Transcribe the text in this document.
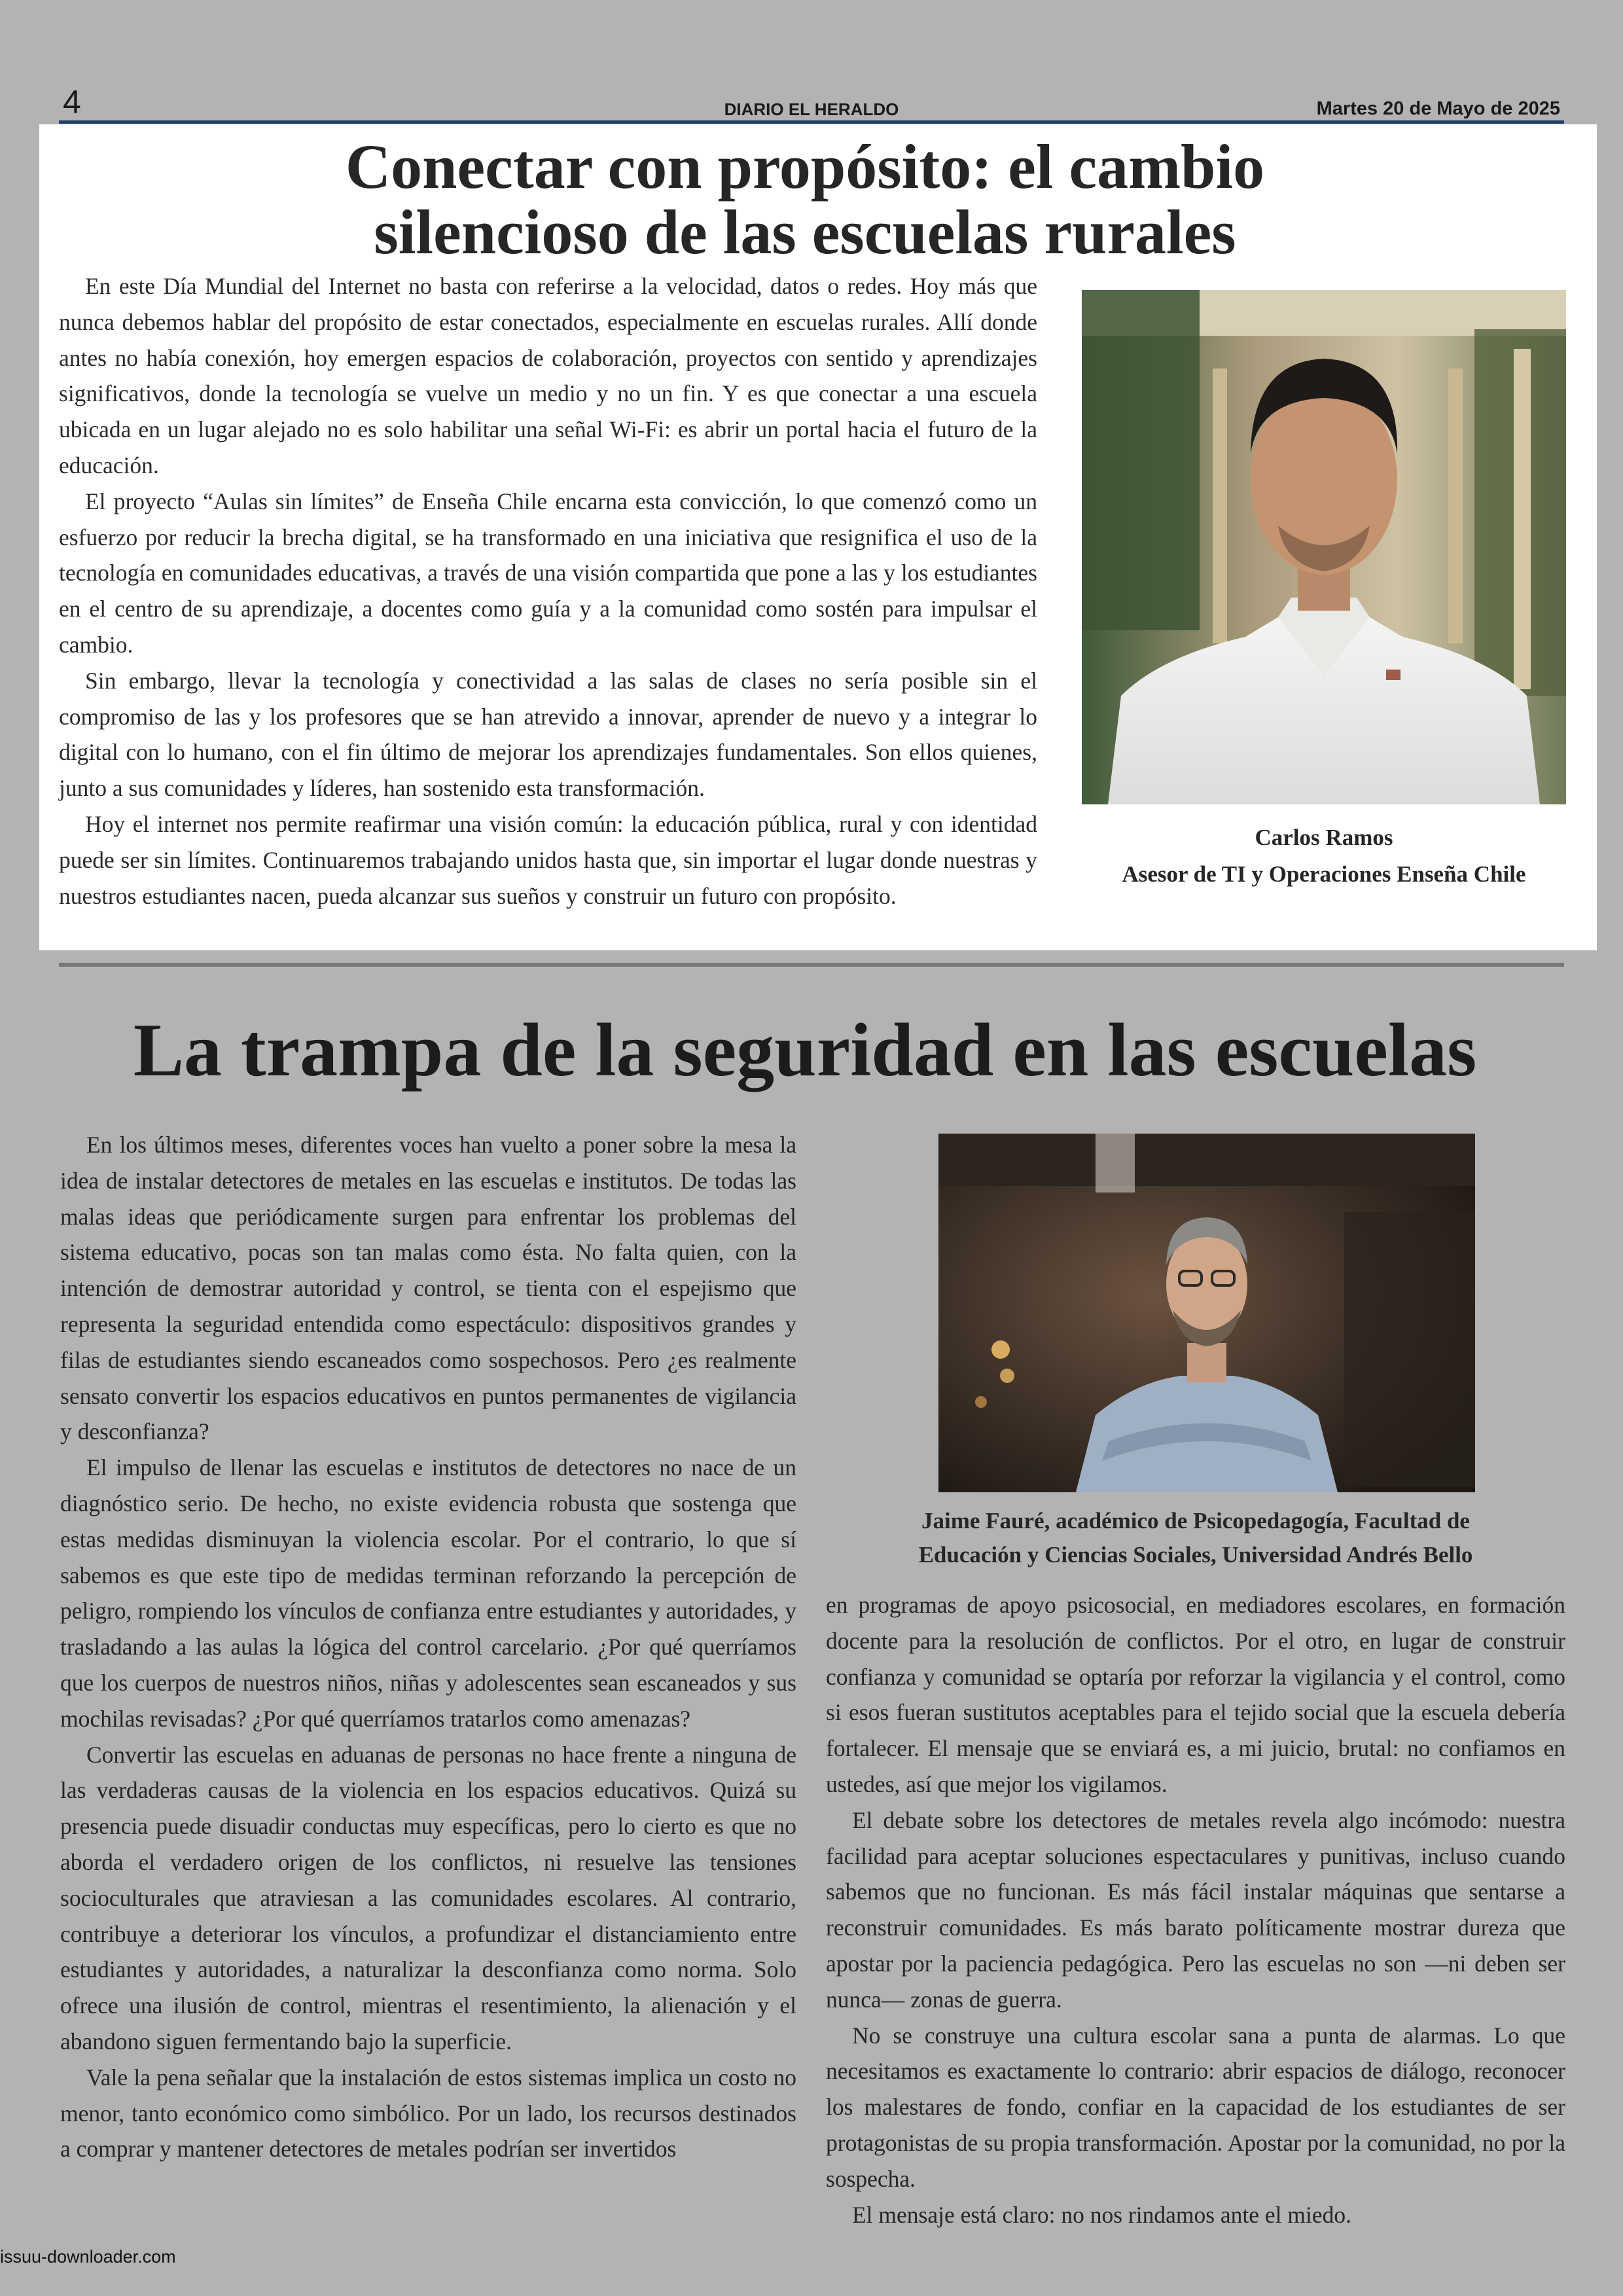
4	DIARIO EL HERALDO	Martes 20 de Mayo de 2025
Conectar con propósito: el cambio
silencioso de las escuelas rurales

En este Día Mundial del Internet no basta con referirse a la velocidad, datos o redes. Hoy más que nunca debemos hablar del propósito de estar conectados, especialmente en escuelas rurales. Allí donde antes no había conexión, hoy emergen espacios de colaboración, proyectos con sentido y aprendizajes significativos, donde la tecnología se vuelve un medio y no un fin. Y es que conectar a una escuela ubicada en un lugar alejado no es solo habilitar una señal Wi-Fi: es abrir un portal hacia el futuro de la educación.

El proyecto “Aulas sin límites” de Enseña Chile encarna esta convicción, lo que comenzó como un esfuerzo por reducir la brecha digital, se ha transformado en una iniciativa que resignifica el uso de la tecnología en comunidades educativas, a través de una visión compartida que pone a las y los estudiantes en el centro de su aprendizaje, a docentes como guía y a la comunidad como sostén para impulsar el cambio.

Sin embargo, llevar la tecnología y conectividad a las salas de clases no sería posible sin el compromiso de las y los profesores que se han atrevido a innovar, aprender de nuevo y a integrar lo digital con lo humano, con el fin último de mejorar los aprendizajes fundamentales. Son ellos quienes, junto a sus comunidades y líderes, han sostenido esta transformación.

Hoy el internet nos permite reafirmar una visión común: la educación pública, rural y con identidad puede ser sin límites. Continuaremos trabajando unidos hasta que, sin importar el lugar donde nuestras y nuestros estudiantes nacen, pueda alcanzar sus sueños y construir un futuro con propósito.

Carlos Ramos
Asesor de TI y Operaciones Enseña Chile
La trampa de la seguridad en las escuelas

En los últimos meses, diferentes voces han vuelto a poner sobre la mesa la idea de instalar detectores de metales en las escuelas e institutos. De todas las malas ideas que periódicamente surgen para enfrentar los problemas del sistema educativo, pocas son tan malas como ésta. No falta quien, con la intención de demostrar autoridad y control, se tienta con el espejismo que representa la seguridad entendida como espectáculo: dispositivos grandes y filas de estudiantes siendo escaneados como sospechosos. Pero ¿es realmente sensato convertir los espacios educativos en puntos permanentes de vigilancia y desconfianza?

El impulso de llenar las escuelas e institutos de detectores no nace de un diagnóstico serio. De hecho, no existe evidencia robusta que sostenga que estas medidas disminuyan la violencia escolar. Por el contrario, lo que sí sabemos es que este tipo de medidas terminan reforzando la percepción de peligro, rompiendo los vínculos de confianza entre estudiantes y autoridades, y trasladando a las aulas la lógica del control carcelario. ¿Por qué querríamos que los cuerpos de nuestros niños, niñas y adolescentes sean escaneados y sus mochilas revisadas? ¿Por qué querríamos tratarlos como amenazas?

Convertir las escuelas en aduanas de personas no hace frente a ninguna de las verdaderas causas de la violencia en los espacios educativos. Quizá su presencia puede disuadir conductas muy específicas, pero lo cierto es que no aborda el verdadero origen de los conflictos, ni resuelve las tensiones socioculturales que atraviesan a las comunidades escolares. Al contrario, contribuye a deteriorar los vínculos, a profundizar el distanciamiento entre estudiantes y autoridades, a naturalizar la desconfianza como norma. Solo ofrece una ilusión de control, mientras el resentimiento, la alienación y el abandono siguen fermentando bajo la superficie.

Vale la pena señalar que la instalación de estos sistemas implica un costo no menor, tanto económico como simbólico. Por un lado, los recursos destinados a comprar y mantener detectores de metales podrían ser invertidos

Jaime Fauré, académico de Psicopedagogía, Facultad de
Educación y Ciencias Sociales, Universidad Andrés Bello

en programas de apoyo psicosocial, en mediadores escolares, en formación docente para la resolución de conflictos. Por el otro, en lugar de construir confianza y comunidad se optaría por reforzar la vigilancia y el control, como si esos fueran sustitutos aceptables para el tejido social que la escuela debería fortalecer. El mensaje que se enviará es, a mi juicio, brutal: no confiamos en ustedes, así que mejor los vigilamos.

El debate sobre los detectores de metales revela algo incómodo: nuestra facilidad para aceptar soluciones espectaculares y punitivas, incluso cuando sabemos que no funcionan. Es más fácil instalar máquinas que sentarse a reconstruir comunidades. Es más barato políticamente mostrar dureza que apostar por la paciencia pedagógica. Pero las escuelas no son —ni deben ser nunca— zonas de guerra.

No se construye una cultura escolar sana a punta de alarmas. Lo que necesitamos es exactamente lo contrario: abrir espacios de diálogo, reconocer los malestares de fondo, confiar en la capacidad de los estudiantes de ser protagonistas de su propia transformación. Apostar por la comunidad, no por la sospecha.

El mensaje está claro: no nos rindamos ante el miedo.

issuu-downloader.com
